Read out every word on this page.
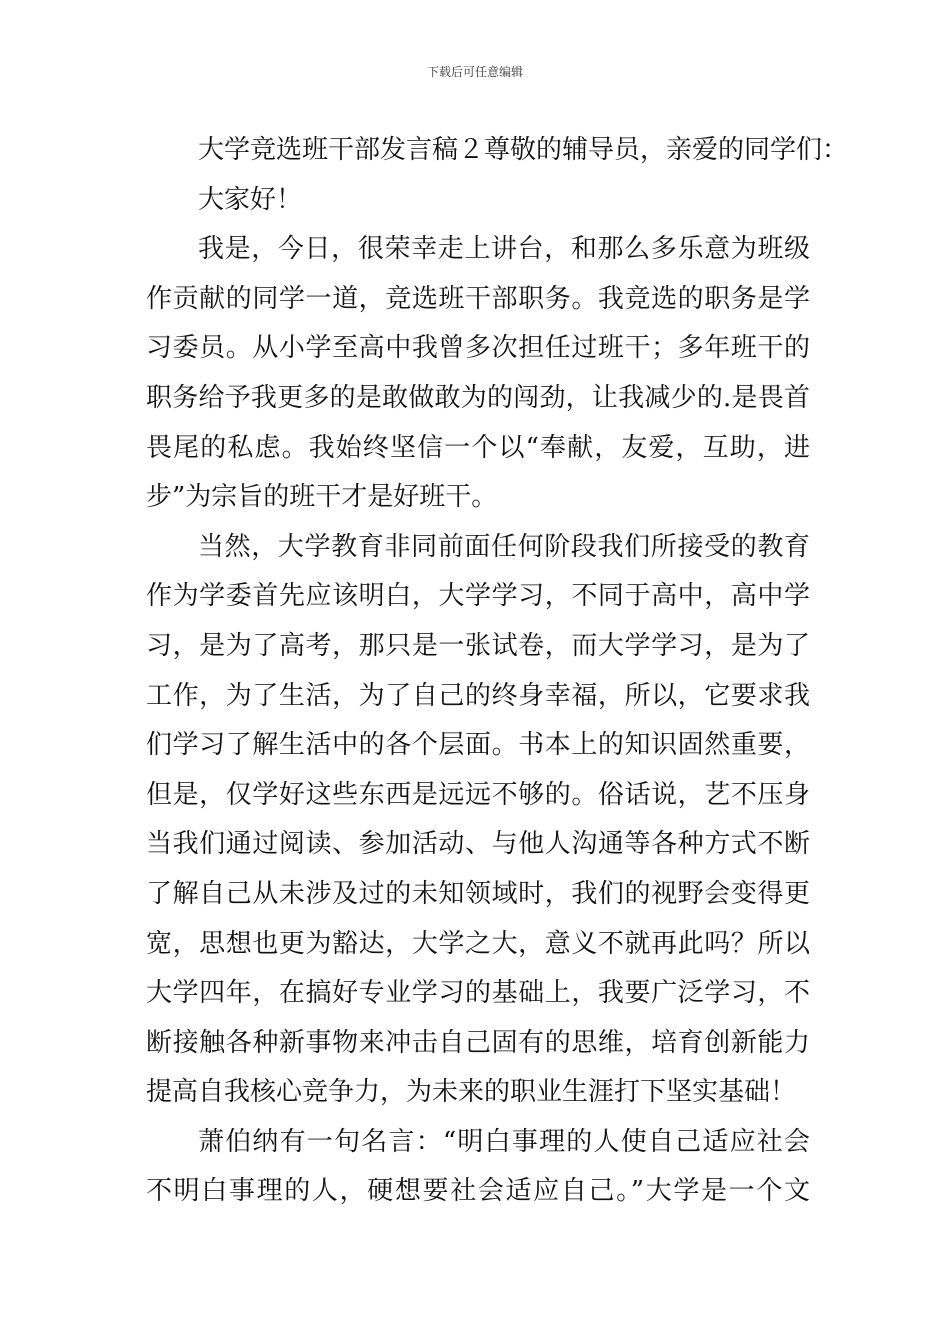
下载后可任意编辑
大学竞选班干部发言稿２尊敬的辅导员，亲爱的同学们：
大家好！
我是，今日，很荣幸走上讲台，和那么多乐意为班级
作贡献的同学一道，竞选班干部职务。我竞选的职务是学
习委员。从小学至高中我曾多次担任过班干；多年班干的
职务给予我更多的是敢做敢为的闯劲，让我减少的.是畏首
畏尾的私虑。我始终坚信一个以“奉献，友爱，互助，进
步”为宗旨的班干才是好班干。
当然，大学教育非同前面任何阶段我们所接受的教育
作为学委首先应该明白，大学学习，不同于高中，高中学
习，是为了高考，那只是一张试卷，而大学学习，是为了
工作，为了生活，为了自己的终身幸福，所以，它要求我
们学习了解生活中的各个层面。书本上的知识固然重要，
但是，仅学好这些东西是远远不够的。俗话说，艺不压身
当我们通过阅读、参加活动、与他人沟通等各种方式不断
了解自己从未涉及过的未知领域时，我们的视野会变得更
宽，思想也更为豁达，大学之大，意义不就再此吗？所以
大学四年，在搞好专业学习的基础上，我要广泛学习，不
断接触各种新事物来冲击自己固有的思维，培育创新能力
提高自我核心竞争力，为未来的职业生涯打下坚实基础！
萧伯纳有一句名言：“明白事理的人使自己适应社会
不明白事理的人，硬想要社会适应自己。”大学是一个文
